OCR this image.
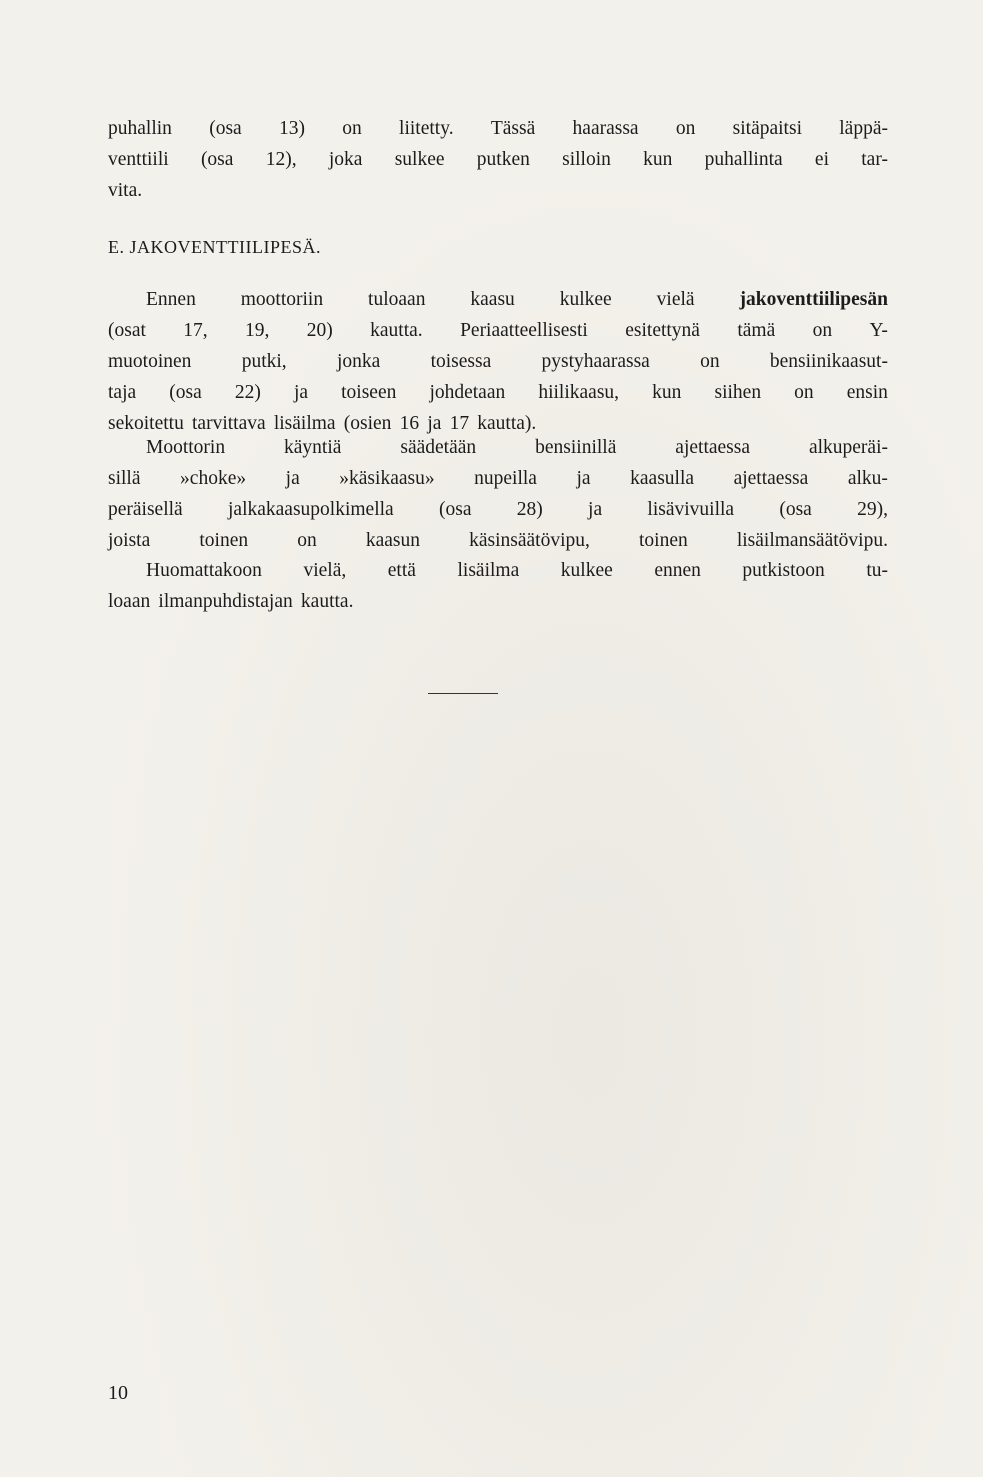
puhallin (osa 13) on liitetty. Tässä haarassa on sitäpaitsi läppä-
venttiili (osa 12), joka sulkee putken silloin kun puhallinta ei tar-
vita.
E. JAKOVENTTIILIPESÄ.
Ennen moottoriin tuloaan kaasu kulkee vielä jakoventtiilipesän
(osat 17, 19, 20) kautta. Periaatteellisesti esitettynä tämä on Y-
muotoinen	putki,	jonka	toisessa	pystyhaarassa	on	bensiinikaasut-
taja (osa 22) ja toiseen johdetaan hiilikaasu, kun siihen on ensin
sekoitettu tarvittava lisäilma (osien 16 ja 17 kautta).
Moottorin	käyntiä	säädetään	bensiinillä	ajettaessa	alkuperäi-
sillä »choke» ja »käsikaasu» nupeilla ja kaasulla ajettaessa alku-
peräisellä jalkakaasupolkimella (osa 28) ja lisävivuilla (osa 29),
joista	toinen	on	kaasun	käsinsäätövipu,	toinen	lisäilmansäätövipu.
Huomattakoon vielä, että lisäilma kulkee ennen putkistoon tu-
loaan ilmanpuhdistajan kautta.

10
